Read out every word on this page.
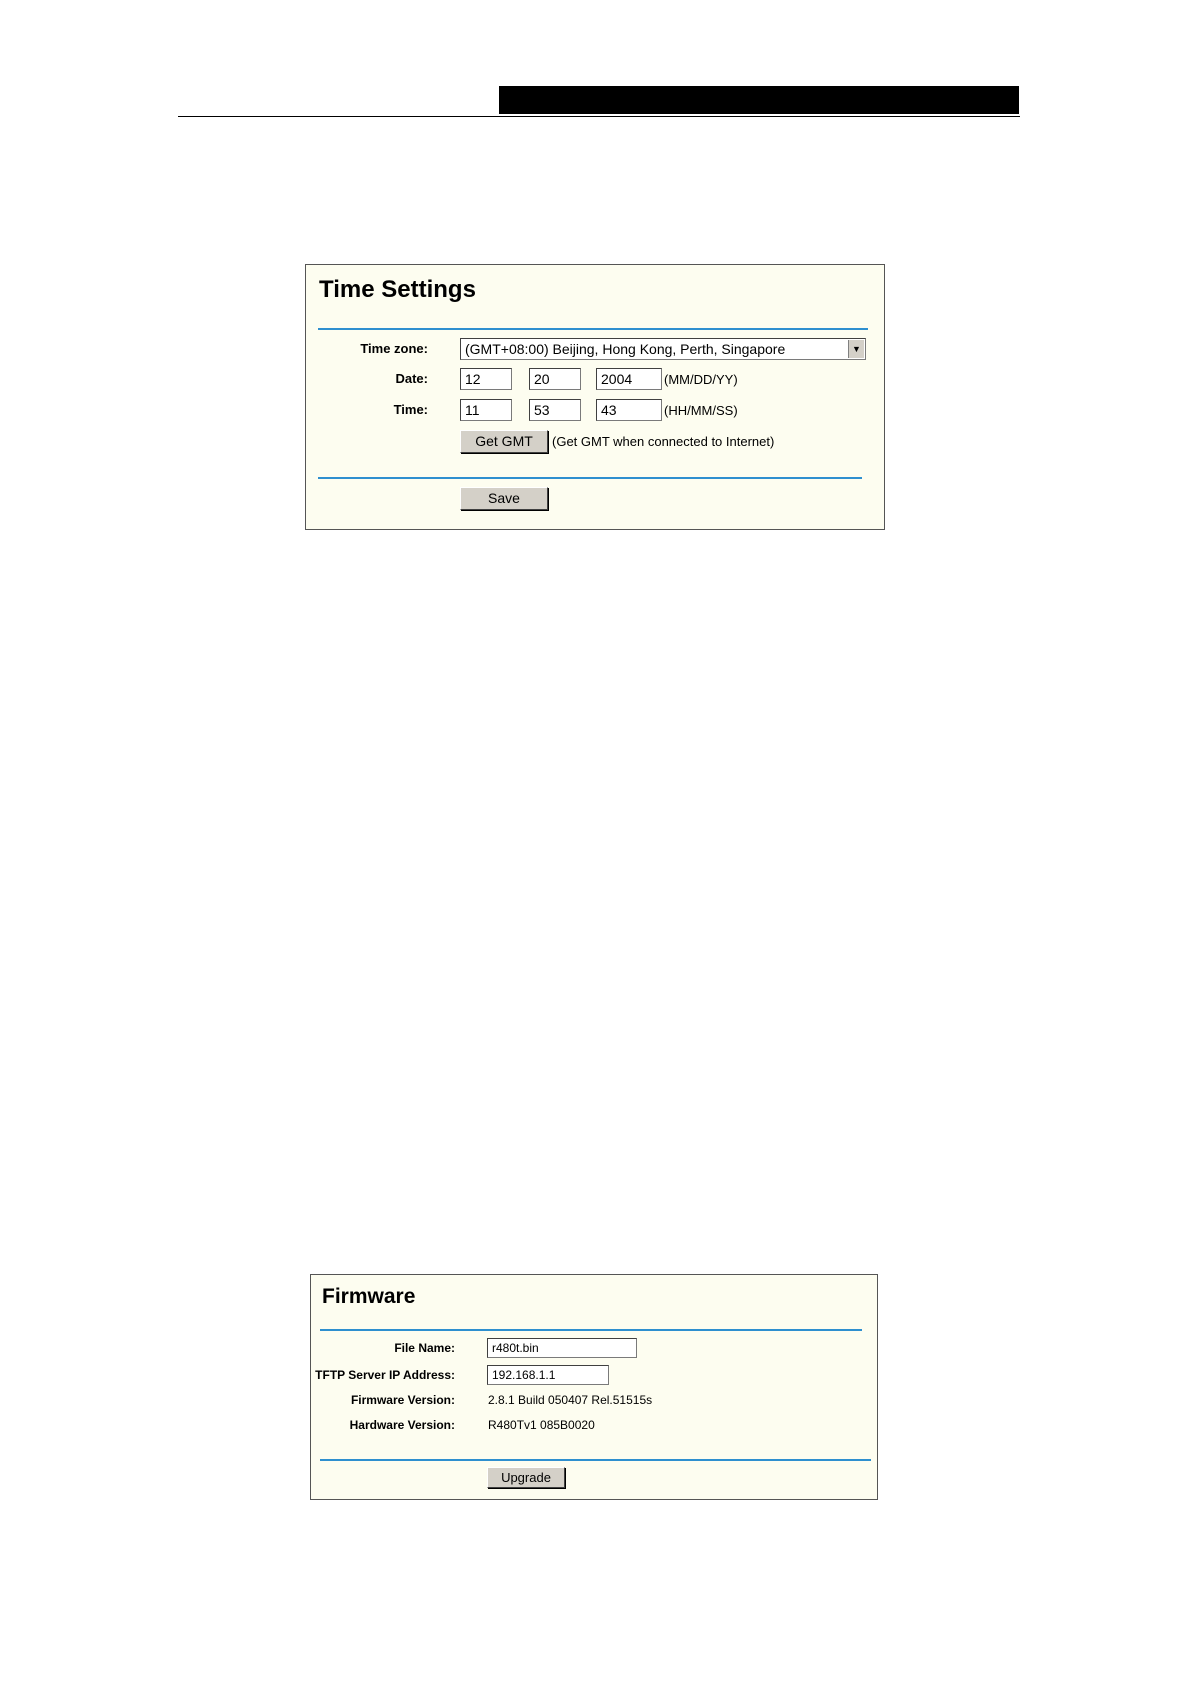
Time Settings
Time zone:	(GMT+08:00) Beijing, Hong Kong, Perth, Singapore	▼
Date:	12	20	2004	(MM/DD/YY)
Time:	11	53	43	(HH/MM/SS)
Get GMT	(Get GMT when connected to Internet)
Save
Firmware
File Name:	r480t.bin
TFTP Server IP Address:	192.168.1.1
Firmware Version:	2.8.1 Build 050407 Rel.51515s
Hardware Version:	R480Tv1 085B0020
Upgrade
